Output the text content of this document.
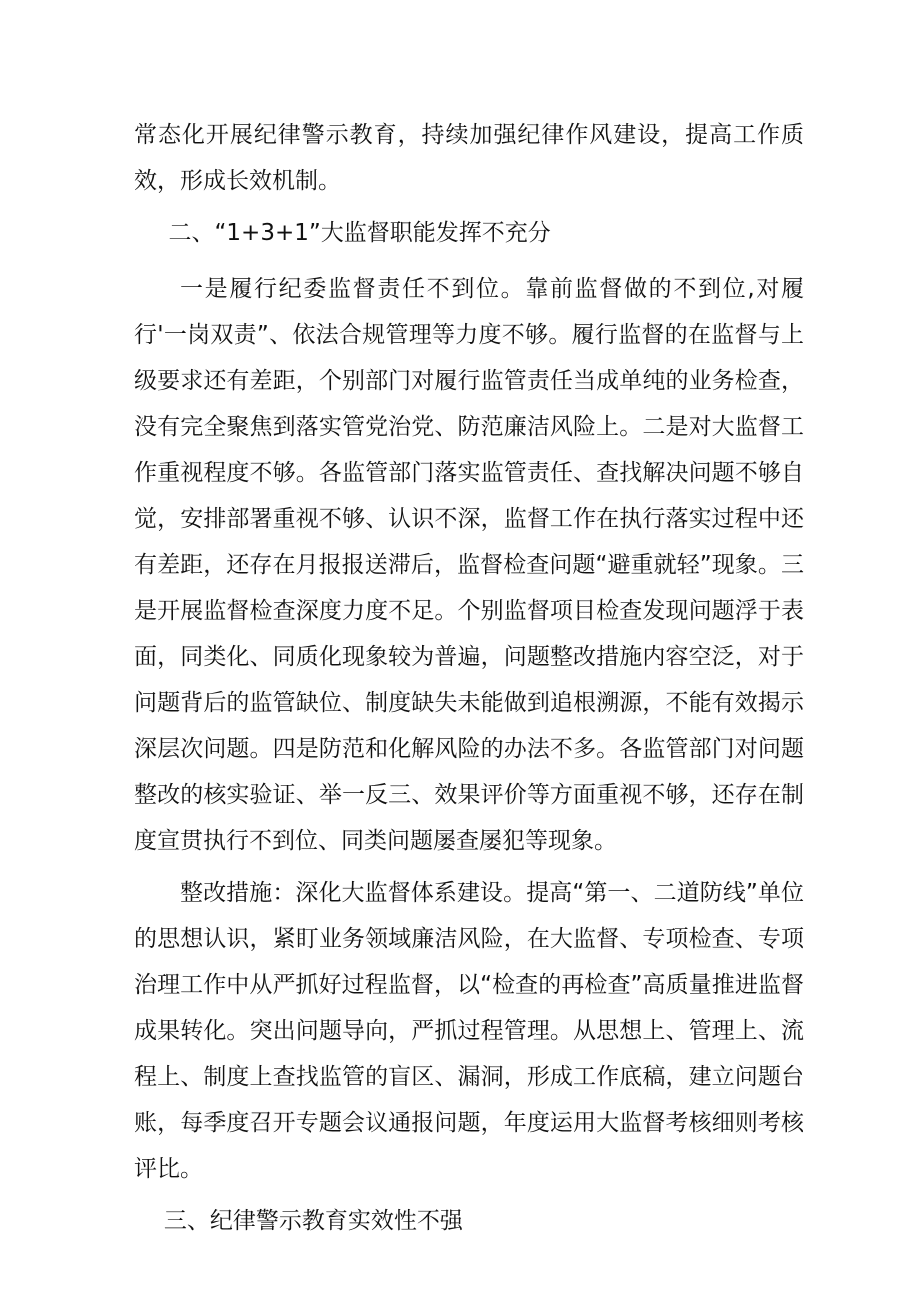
常态化开展纪律警示教育，持续加强纪律作风建设，提高工作质效，形成长效机制。

二、“1+3+1”大监督职能发挥不充分

一是履行纪委监督责任不到位。靠前监督做的不到位,对履行'一岗双责”、依法合规管理等力度不够。履行监督的在监督与上级要求还有差距，个别部门对履行监管责任当成单纯的业务检查，没有完全聚焦到落实管党治党、防范廉洁风险上。二是对大监督工作重视程度不够。各监管部门落实监管责任、查找解决问题不够自觉，安排部署重视不够、认识不深，监督工作在执行落实过程中还有差距，还存在月报报送滞后，监督检查问题“避重就轻”现象。三是开展监督检查深度力度不足。个别监督项目检查发现问题浮于表面，同类化、同质化现象较为普遍，问题整改措施内容空泛，对于问题背后的监管缺位、制度缺失未能做到追根溯源，不能有效揭示深层次问题。四是防范和化解风险的办法不多。各监管部门对问题整改的核实验证、举一反三、效果评价等方面重视不够，还存在制度宣贯执行不到位、同类问题屡查屡犯等现象。

整改措施：深化大监督体系建设。提高“第一、二道防线”单位的思想认识，紧盯业务领域廉洁风险，在大监督、专项检查、专项治理工作中从严抓好过程监督，以“检查的再检查”高质量推进监督成果转化。突出问题导向，严抓过程管理。从思想上、管理上、流程上、制度上查找监管的盲区、漏洞，形成工作底稿，建立问题台账，每季度召开专题会议通报问题，年度运用大监督考核细则考核评比。

三、纪律警示教育实效性不强
